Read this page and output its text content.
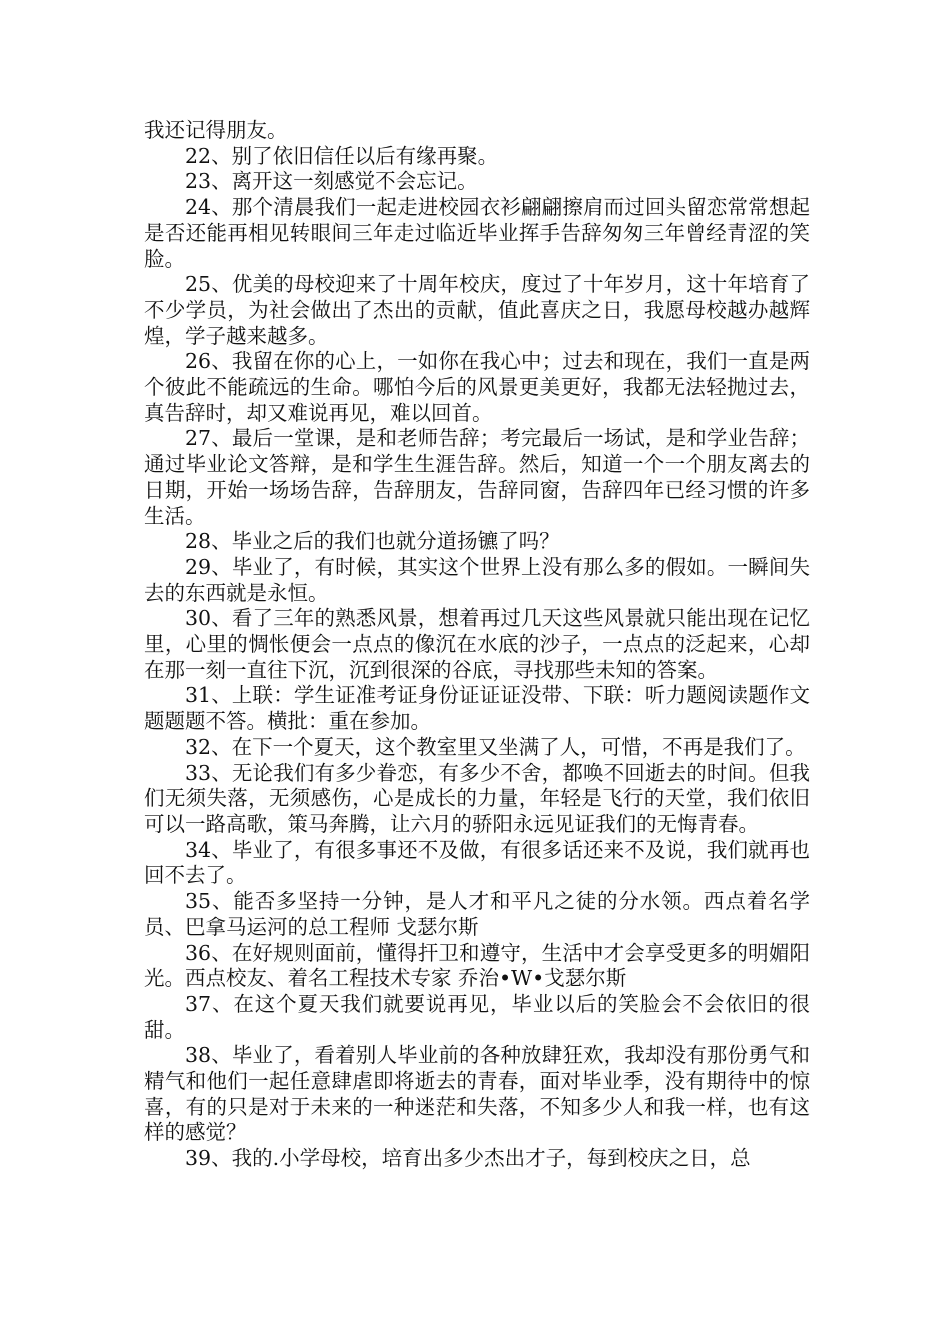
我还记得朋友。

22、别了依旧信任以后有缘再聚。

23、离开这一刻感觉不会忘记。

24、那个清晨我们一起走进校园衣衫翩翩擦肩而过回头留恋常常想起是否还能再相见转眼间三年走过临近毕业挥手告辞匆匆三年曾经青涩的笑脸。

25、优美的母校迎来了十周年校庆，度过了十年岁月，这十年培育了不少学员，为社会做出了杰出的贡献，值此喜庆之日，我愿母校越办越辉煌，学子越来越多。

26、我留在你的心上，一如你在我心中；过去和现在，我们一直是两个彼此不能疏远的生命。哪怕今后的风景更美更好，我都无法轻抛过去，真告辞时，却又难说再见，难以回首。

27、最后一堂课，是和老师告辞；考完最后一场试，是和学业告辞；通过毕业论文答辩，是和学生生涯告辞。然后，知道一个一个朋友离去的日期，开始一场场告辞，告辞朋友，告辞同窗，告辞四年已经习惯的许多生活。

28、毕业之后的我们也就分道扬镳了吗？

29、毕业了，有时候，其实这个世界上没有那么多的假如。一瞬间失去的东西就是永恒。

30、看了三年的熟悉风景，想着再过几天这些风景就只能出现在记忆里，心里的惆怅便会一点点的像沉在水底的沙子，一点点的泛起来，心却在那一刻一直往下沉，沉到很深的谷底，寻找那些未知的答案。

31、上联：学生证准考证身份证证证没带、下联：听力题阅读题作文题题题不答。横批：重在参加。

32、在下一个夏天，这个教室里又坐满了人，可惜，不再是我们了。

33、无论我们有多少眷恋，有多少不舍，都唤不回逝去的时间。但我们无须失落，无须感伤，心是成长的力量，年轻是飞行的天堂，我们依旧可以一路高歌，策马奔腾，让六月的骄阳永远见证我们的无悔青春。

34、毕业了，有很多事还不及做，有很多话还来不及说，我们就再也回不去了。

35、能否多坚持一分钟，是人才和平凡之徒的分水领。西点着名学员、巴拿马运河的总工程师 戈瑟尔斯

36、在好规则面前，懂得扞卫和遵守，生活中才会享受更多的明媚阳光。西点校友、着名工程技术专家 乔治•W•戈瑟尔斯

37、在这个夏天我们就要说再见，毕业以后的笑脸会不会依旧的很甜。

38、毕业了，看着别人毕业前的各种放肆狂欢，我却没有那份勇气和精气和他们一起任意肆虐即将逝去的青春，面对毕业季，没有期待中的惊喜，有的只是对于未来的一种迷茫和失落，不知多少人和我一样，也有这样的感觉？

39、我的.小学母校，培育出多少杰出才子，每到校庆之日，总
